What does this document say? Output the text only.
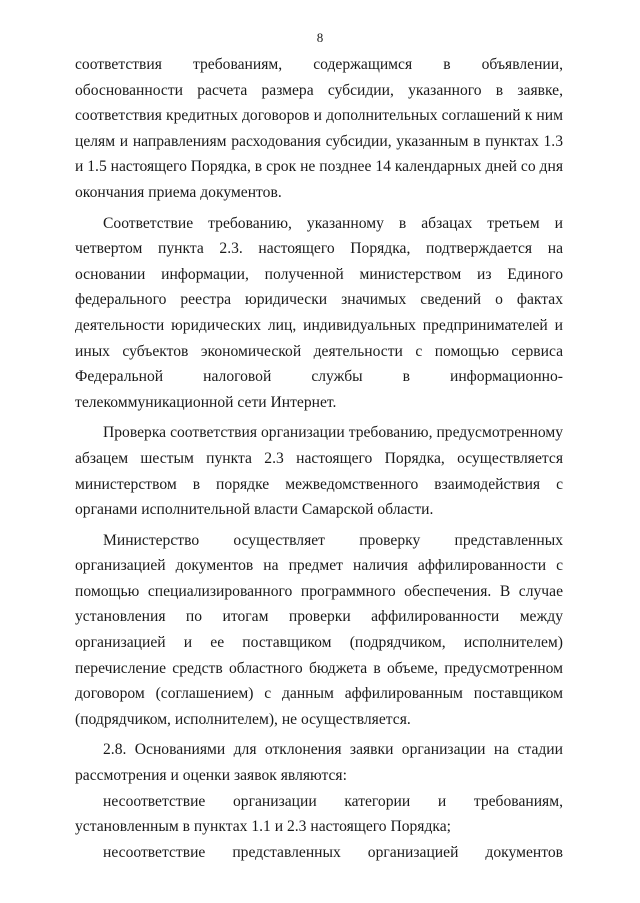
8

соответствия требованиям, содержащимся в объявлении, обоснованности расчета размера субсидии, указанного в заявке, соответствия кредитных договоров и дополнительных соглашений к ним целям и направлениям расходования субсидии, указанным в пунктах 1.3 и 1.5 настоящего Порядка, в срок не позднее 14 календарных дней со дня окончания приема документов.

Соответствие требованию, указанному в абзацах третьем и четвертом пункта 2.3. настоящего Порядка, подтверждается на основании информации, полученной министерством из Единого федерального реестра юридически значимых сведений о фактах деятельности юридических лиц, индивидуальных предпринимателей и иных субъектов экономической деятельности с помощью сервиса Федеральной налоговой службы в информационно-телекоммуникационной сети Интернет.

Проверка соответствия организации требованию, предусмотренному абзацем шестым пункта 2.3 настоящего Порядка, осуществляется министерством в порядке межведомственного взаимодействия с органами исполнительной власти Самарской области.

Министерство осуществляет проверку представленных организацией документов на предмет наличия аффилированности с помощью специализированного программного обеспечения. В случае установления по итогам проверки аффилированности между организацией и ее поставщиком (подрядчиком, исполнителем) перечисление средств областного бюджета в объеме, предусмотренном договором (соглашением) с данным аффилированным поставщиком (подрядчиком, исполнителем), не осуществляется.

2.8. Основаниями для отклонения заявки организации на стадии рассмотрения и оценки заявок являются:

несоответствие организации категории и требованиям, установленным в пунктах 1.1 и 2.3 настоящего Порядка;

несоответствие представленных организацией документов
